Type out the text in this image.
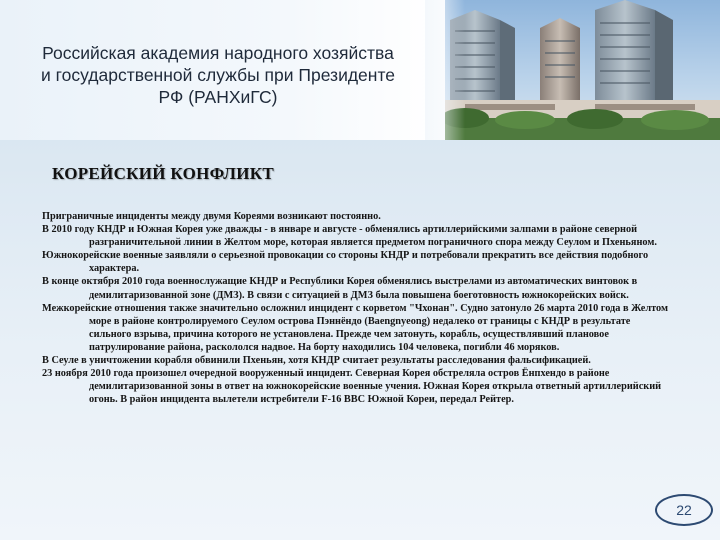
Российская академия народного хозяйства
и государственной службы при Президенте
РФ (РАНХиГС)
КОРЕЙСКИЙ КОНФЛИКТ

Приграничные инциденты между двумя Кореями возникают постоянно.

В 2010 году КНДР и Южная Корея уже дважды - в январе и августе - обменялись артиллерийскими залпами в районе северной разграничительной линии в Желтом море, которая является предметом пограничного спора между Сеулом и Пхеньяном.

Южнокорейские военные заявляли о серьезной провокации со стороны КНДР и потребовали прекратить все действия подобного характера.

В конце октября 2010 года военнослужащие КНДР и Республики Корея обменялись выстрелами из автоматических винтовок в демилитаризованной зоне (ДМЗ). В связи с ситуацией в ДМЗ была повышена боеготовность южнокорейских войск.

Межкорейские отношения также значительно осложнил инцидент с корветом "Чхонан". Судно затонуло 26 марта 2010 года в Желтом море в районе контролируемого Сеулом острова Пэннёндо (Baengnyeong) недалеко от границы с КНДР в результате сильного взрыва, причина которого не установлена. Прежде чем затонуть, корабль, осуществлявший плановое патрулирование района, раскололся надвое. На борту находились 104 человека, погибли 46 моряков.

В Сеуле в уничтожении корабля обвинили Пхеньян, хотя КНДР считает результаты расследования фальсификацией.

23 ноября 2010 года произошел очередной вооруженный инцидент. Северная Корея обстреляла остров Ёнпхендо в районе демилитаризованной зоны в ответ на южнокорейские военные учения. Южная Корея открыла ответный артиллерийский огонь. В район инцидента вылетели истребители F-16 ВВС Южной Кореи, передал Рейтер.

22
